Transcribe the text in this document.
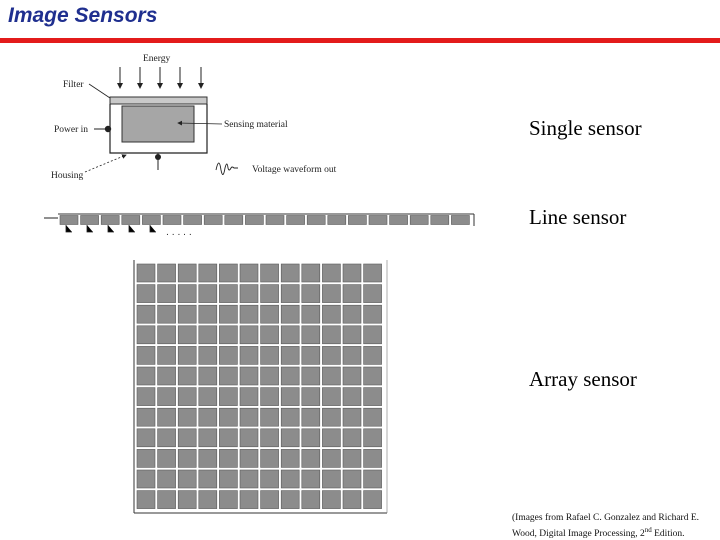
Image Sensors
Energy
Filter
Sensing material
Power in
Housing
Voltage waveform out
. . . . .
Single sensor
Line sensor
Array sensor
(Images from Rafael C. Gonzalez and Richard E.
Wood, Digital Image Processing, 2nd Edition.
